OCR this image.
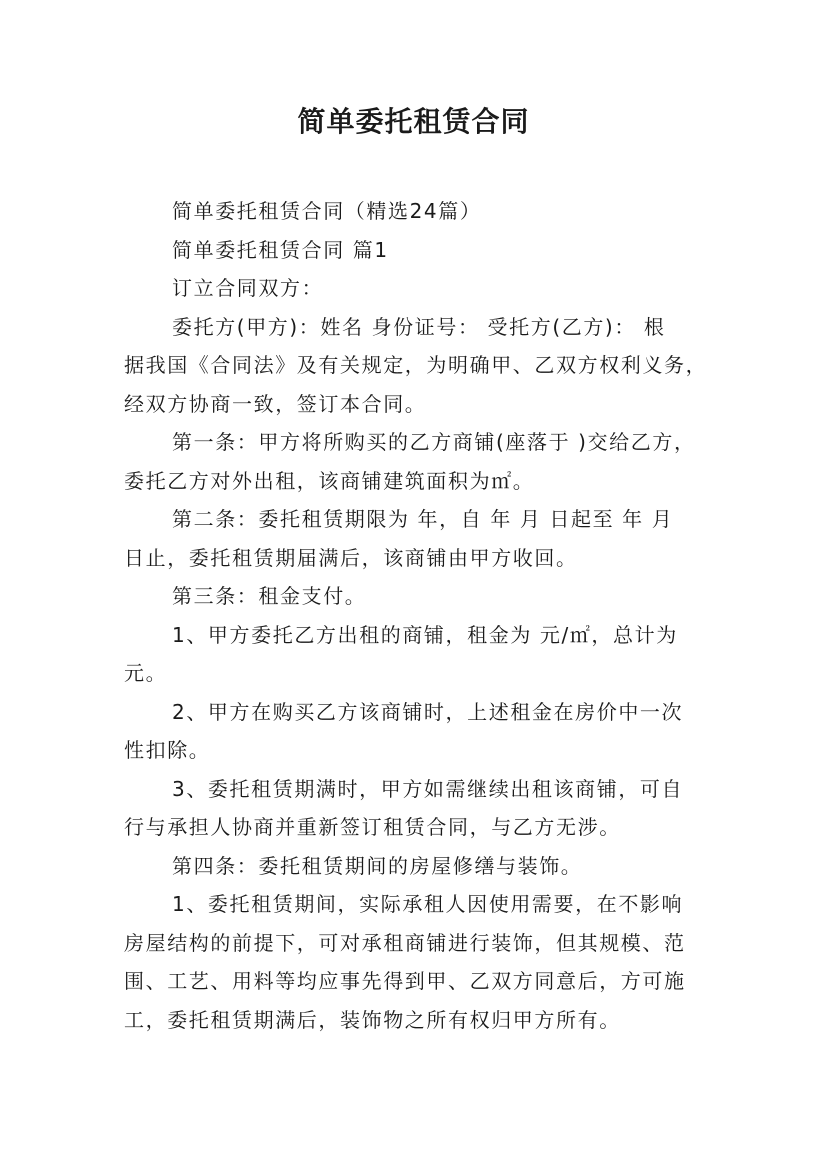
简单委托租赁合同

简单委托租赁合同（精选24篇）

简单委托租赁合同 篇1

订立合同双方：

委托方(甲方)：姓名 身份证号： 受托方(乙方)： 根
据我国《合同法》及有关规定，为明确甲、乙双方权利义务，
经双方协商一致，签订本合同。

第一条：甲方将所购买的乙方商铺(座落于 )交给乙方，
委托乙方对外出租，该商铺建筑面积为㎡。

第二条：委托租赁期限为 年，自 年 月 日起至 年 月
日止，委托租赁期届满后，该商铺由甲方收回。

第三条：租金支付。

1、甲方委托乙方出租的商铺，租金为 元/㎡，总计为
元。

2、甲方在购买乙方该商铺时，上述租金在房价中一次
性扣除。

3、委托租赁期满时，甲方如需继续出租该商铺，可自
行与承担人协商并重新签订租赁合同，与乙方无涉。

第四条：委托租赁期间的房屋修缮与装饰。

1、委托租赁期间，实际承租人因使用需要，在不影响
房屋结构的前提下，可对承租商铺进行装饰，但其规模、范
围、工艺、用料等均应事先得到甲、乙双方同意后，方可施
工，委托租赁期满后，装饰物之所有权归甲方所有。
